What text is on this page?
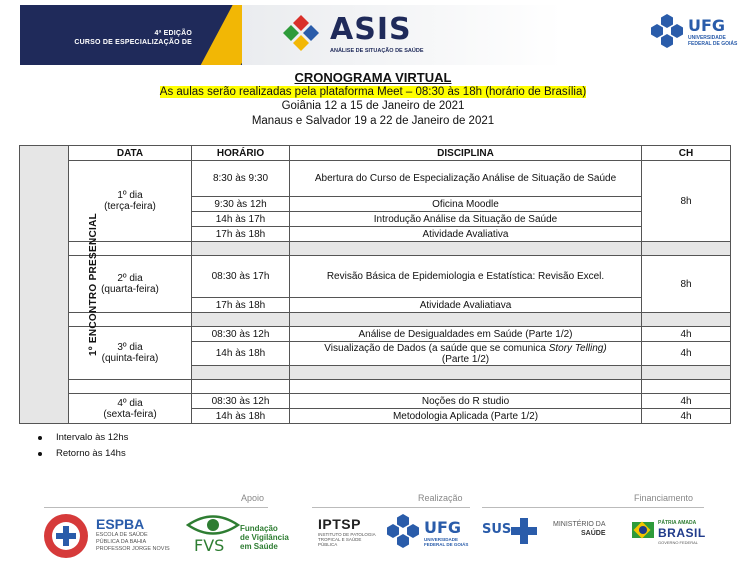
4ª EDIÇÃO
CURSO DE ESPECIALIZAÇÃO DE	ASIS
ANÁLISE DE SITUAÇÃO DE SAÚDE
UFG
UNIVERSIDADE
FEDERAL DE GOIÁS
CRONOGRAMA VIRTUAL
As aulas serão realizadas pela plataforma Meet – 08:30 às 18h (horário de Brasília)
Goiânia 12 a 15 de Janeiro de 2021
Manaus e Salvador 19 a 22 de Janeiro de 2021
1º ENCONTRO PRESENCIAL	DATA	HORÁRIO	DISCIPLINA	CH

	1º dia
(terça-feira)	8:30 às 9:30	Abertura do Curso de Especialização Análise de Situação de Saúde	8h
		9:30 às 12h	Oficina Moodle	
		14h às 17h	Introdução Análise da Situação de Saúde	
		17h às 18h	Atividade Avaliativa	

	2º dia
(quarta-feira)	08:30 às 17h	Revisão Básica de Epidemiologia e Estatística: Revisão Excel.	8h
		17h às 18h	Atividade Avaliatiava	

	3º dia
(quinta-feira)	08:30 às 12h	Análise de Desigualdades em Saúde (Parte 1/2)	4h
		14h às 18h	Visualização de Dados (a saúde que se comunica Story Telling)
(Parte 1/2)	4h

	4º dia
(sexta-feira)	08:30 às 12h	Noções do R studio	4h
		14h às 18h	Metodologia Aplicada (Parte 1/2)	4h
Intervalo às 12hs
Retorno às 14hs
Apoio	Realização	Financiamento
ESPBA
ESCOLA DE SAÚDE
PÚBLICA DA BAHIA
PROFESSOR JORGE NOVIS FVS
Fundação
de Vigilância
em Saúde
IPTSP
INSTITUTO DE PATOLOGIA
TROPICAL E SAÚDE PÚBLICA
UFG
UNIVERSIDADE
FEDERAL DE GOIÁS
SUS	MINISTÉRIO DA
SAÚDE
PÁTRIA AMADA
BRASIL
GOVERNO FEDERAL
